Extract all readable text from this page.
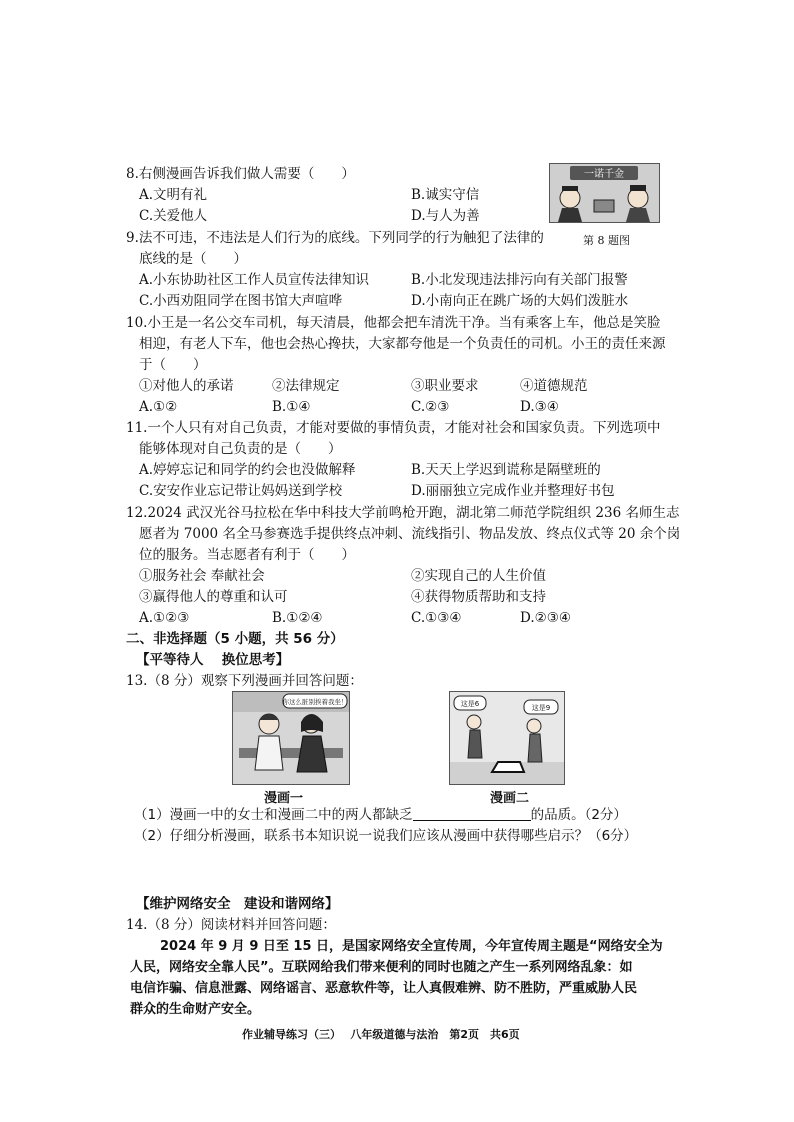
8.右侧漫画告诉我们做人需要（　　）
A.文明有礼	B.诚实守信
C.关爱他人	D.与人为善
一诺千金
第 8 题图
9.法不可违，不违法是人们行为的底线。下列同学的行为触犯了法律的
底线的是（　　）
A.小东协助社区工作人员宣传法律知识	B.小北发现违法排污向有关部门报警
C.小西劝阻同学在图书馆大声喧哗	D.小南向正在跳广场的大妈们泼脏水
10.小王是一名公交车司机，每天清晨，他都会把车清洗干净。当有乘客上车，他总是笑脸
相迎，有老人下车，他也会热心搀扶，大家都夸他是一个负责任的司机。小王的责任来源
于（　　）
①对他人的承诺	②法律规定	③职业要求	④道德规范
A.①②	B.①④	C.②③	D.③④
11.一个人只有对自己负责，才能对要做的事情负责，才能对社会和国家负责。下列选项中
能够体现对自己负责的是（　　）
A.婷婷忘记和同学的约会也没做解释	B.天天上学迟到谎称是隔壁班的
C.安安作业忘记带让妈妈送到学校	D.丽丽独立完成作业并整理好书包
12.2024 武汉光谷马拉松在华中科技大学前鸣枪开跑，湖北第二师范学院组织 236 名师生志
愿者为 7000 名全马参赛选手提供终点冲刺、流线指引、物品发放、终点仪式等 20 余个岗
位的服务。当志愿者有利于（　　）
①服务社会 奉献社会	②实现自己的人生价值
③赢得他人的尊重和认可	④获得物质帮助和支持
A.①②③	B.①②④	C.①③④	D.②③④
二、非选择题（5 小题，共 56 分）
【平等待人　 换位思考】
13.（8 分）观察下列漫画并回答问题：
你这么脏别挨着我坐！
漫画一
这是6	这是9
漫画二
（1）漫画一中的女士和漫画二中的两人都缺乏	的品质。（2分）
（2）仔细分析漫画，联系书本知识说一说我们应该从漫画中获得哪些启示？（6分）
【维护网络安全　建设和谐网络】
14.（8 分）阅读材料并回答问题：
2024 年 9 月 9 日至 15 日，是国家网络安全宣传周，今年宣传周主题是“网络安全为
人民，网络安全靠人民”。互联网给我们带来便利的同时也随之产生一系列网络乱象：如
电信诈骗、信息泄露、网络谣言、恶意软件等，让人真假难辨、防不胜防，严重威胁人民
群众的生命财产安全。
作业辅导练习（三）　 八年级道德与法治　第2页　共6页
